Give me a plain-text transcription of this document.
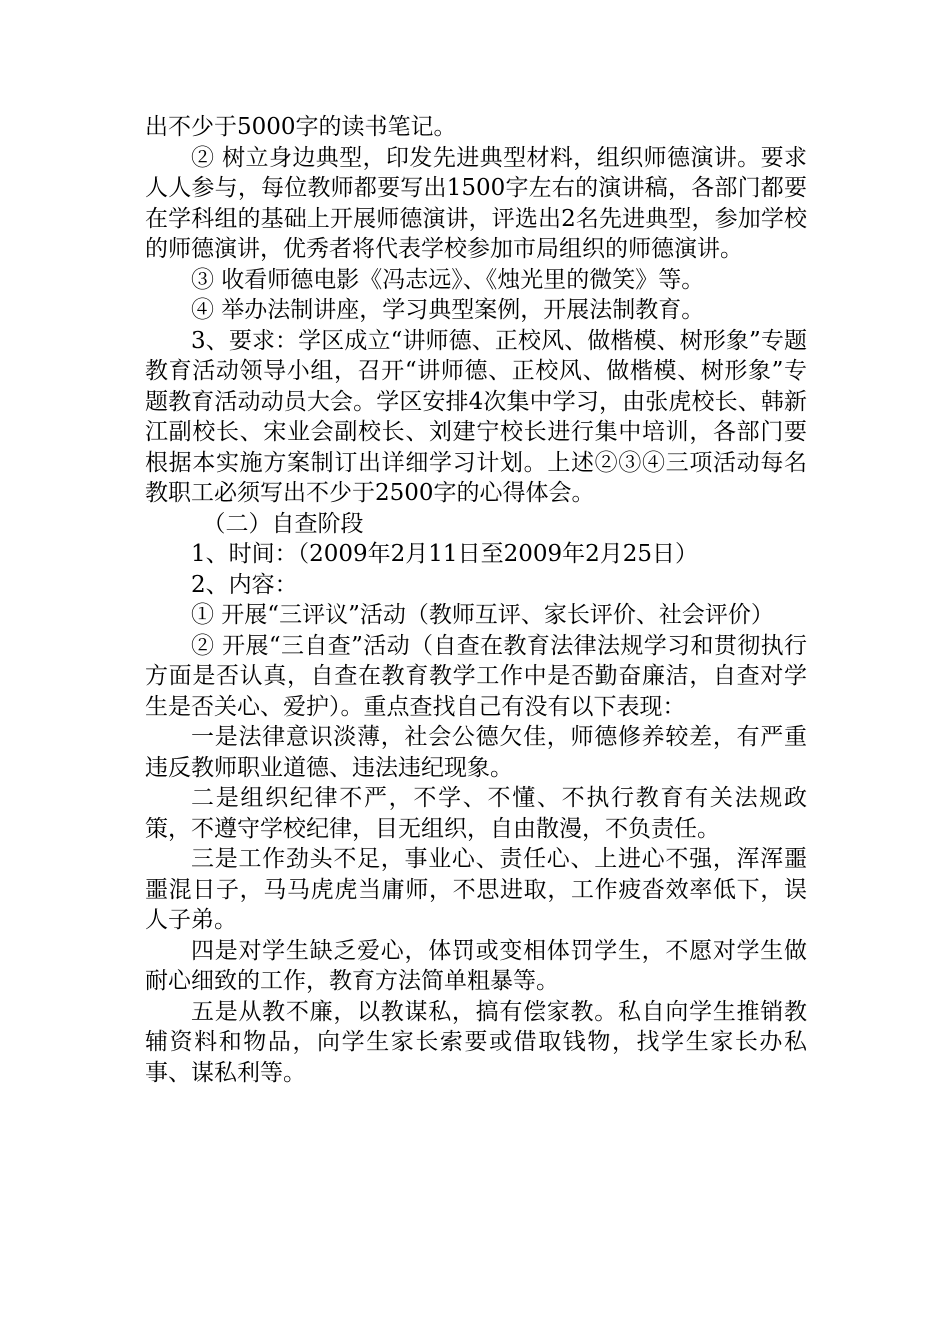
出不少于5000字的读书笔记。

② 树立身边典型，印发先进典型材料，组织师德演讲。要求人人参与，每位教师都要写出1500字左右的演讲稿，各部门都要在学科组的基础上开展师德演讲，评选出2名先进典型，参加学校的师德演讲，优秀者将代表学校参加市局组织的师德演讲。

③ 收看师德电影《冯志远》、《烛光里的微笑》等。

④ 举办法制讲座，学习典型案例，开展法制教育。

3、要求：学区成立“讲师德、正校风、做楷模、树形象”专题教育活动领导小组，召开“讲师德、正校风、做楷模、树形象”专题教育活动动员大会。学区安排4次集中学习，由张虎校长、韩新江副校长、宋业会副校长、刘建宁校长进行集中培训，各部门要根据本实施方案制订出详细学习计划。上述②③④三项活动每名教职工必须写出不少于2500字的心得体会。

（二）自查阶段

1、时间：（2009年2月11日至2009年2月25日）

2、内容：

① 开展“三评议”活动（教师互评、家长评价、社会评价）

② 开展“三自查”活动（自查在教育法律法规学习和贯彻执行方面是否认真，自查在教育教学工作中是否勤奋廉洁，自查对学生是否关心、爱护）。重点查找自己有没有以下表现：

一是法律意识淡薄，社会公德欠佳，师德修养较差，有严重违反教师职业道德、违法违纪现象。

二是组织纪律不严，不学、不懂、不执行教育有关法规政策，不遵守学校纪律，目无组织，自由散漫，不负责任。

三是工作劲头不足，事业心、责任心、上进心不强，浑浑噩噩混日子，马马虎虎当庸师，不思进取，工作疲沓效率低下，误人子弟。

四是对学生缺乏爱心，体罚或变相体罚学生，不愿对学生做耐心细致的工作，教育方法简单粗暴等。

五是从教不廉，以教谋私，搞有偿家教。私自向学生推销教辅资料和物品，向学生家长索要或借取钱物，找学生家长办私事、谋私利等。
